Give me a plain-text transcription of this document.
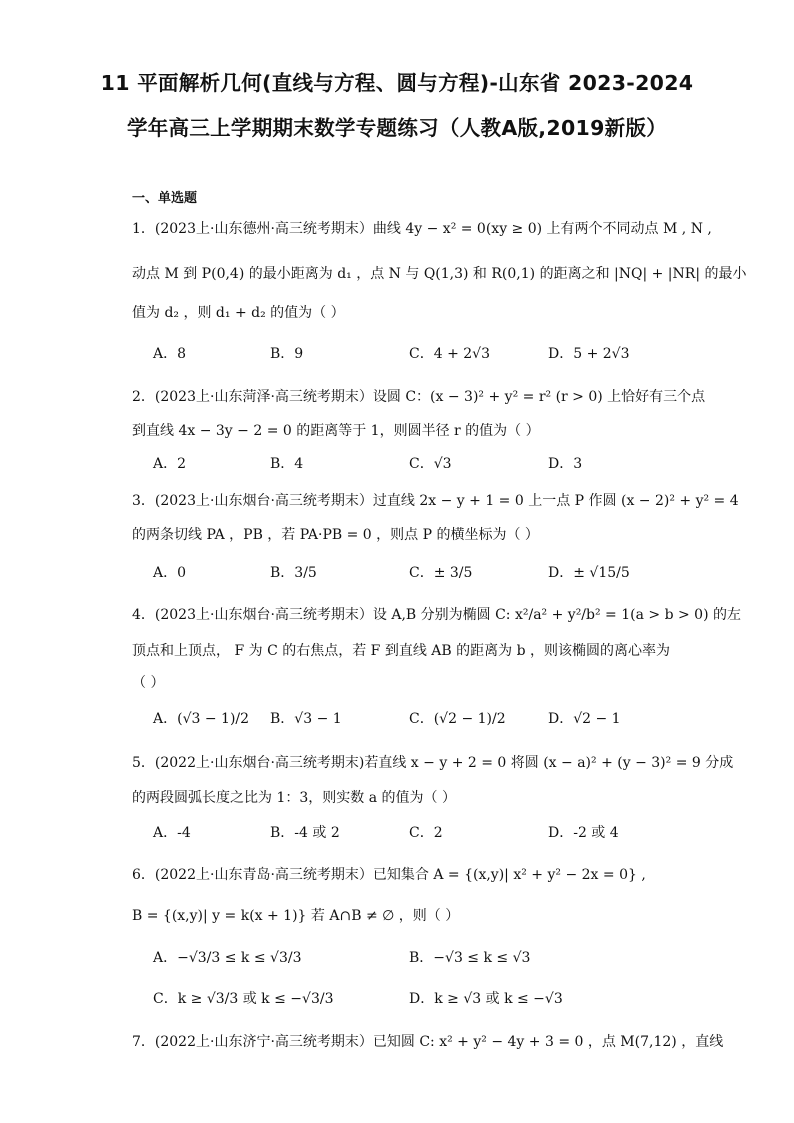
11 平面解析几何(直线与方程、圆与方程)-山东省 2023-2024
学年高三上学期期末数学专题练习（人教A版,2019新版）
一、单选题
1．(2023上·山东德州·高三统考期末）曲线 4y − x² = 0(xy ≥ 0) 上有两个不同动点 M , N ,
动点 M 到 P(0,4) 的最小距离为 d₁ ，点 N 与 Q(1,3) 和 R(0,1) 的距离之和 |NQ| + |NR| 的最小
值为 d₂ ，则 d₁ + d₂ 的值为（ ）
A．8	B．9	C．4 + 2√3	D．5 + 2√3
2．(2023上·山东菏泽·高三统考期末）设圆 C：(x − 3)² + y² = r² (r > 0) 上恰好有三个点
到直线 4x − 3y − 2 = 0 的距离等于 1，则圆半径 r 的值为（ ）
A．2	B．4	C．√3	D．3
3．(2023上·山东烟台·高三统考期末）过直线 2x − y + 1 = 0 上一点 P 作圆 (x − 2)² + y² = 4
的两条切线 PA ，PB ，若 PA·PB = 0 ，则点 P 的横坐标为（ ）
A．0	B．3/5	C．± 3/5	D．± √15/5
4．(2023上·山东烟台·高三统考期末）设 A,B 分别为椭圆 C: x²/a² + y²/b² = 1(a > b > 0) 的左
顶点和上顶点， F 为 C 的右焦点，若 F 到直线 AB 的距离为 b ，则该椭圆的离心率为
（ ）
A．(√3 − 1)/2 B．√3 − 1	C．(√2 − 1)/2	D．√2 − 1
5．(2022上·山东烟台·高三统考期末)若直线 x − y + 2 = 0 将圆 (x − a)² + (y − 3)² = 9 分成
的两段圆弧长度之比为 1：3，则实数 a 的值为（ ）
A．-4	B．-4 或 2	C．2	D．-2 或 4
6．(2022上·山东青岛·高三统考期末）已知集合 A = {(x,y)| x² + y² − 2x = 0} ,
B = {(x,y)| y = k(x + 1)} 若 A∩B ≠ ∅ ，则（ ）
A．−√3/3 ≤ k ≤ √3/3	B．−√3 ≤ k ≤ √3
C．k ≥ √3/3 或 k ≤ −√3/3	D．k ≥ √3 或 k ≤ −√3
7．(2022上·山东济宁·高三统考期末）已知圆 C: x² + y² − 4y + 3 = 0 ，点 M(7,12) ，直线
